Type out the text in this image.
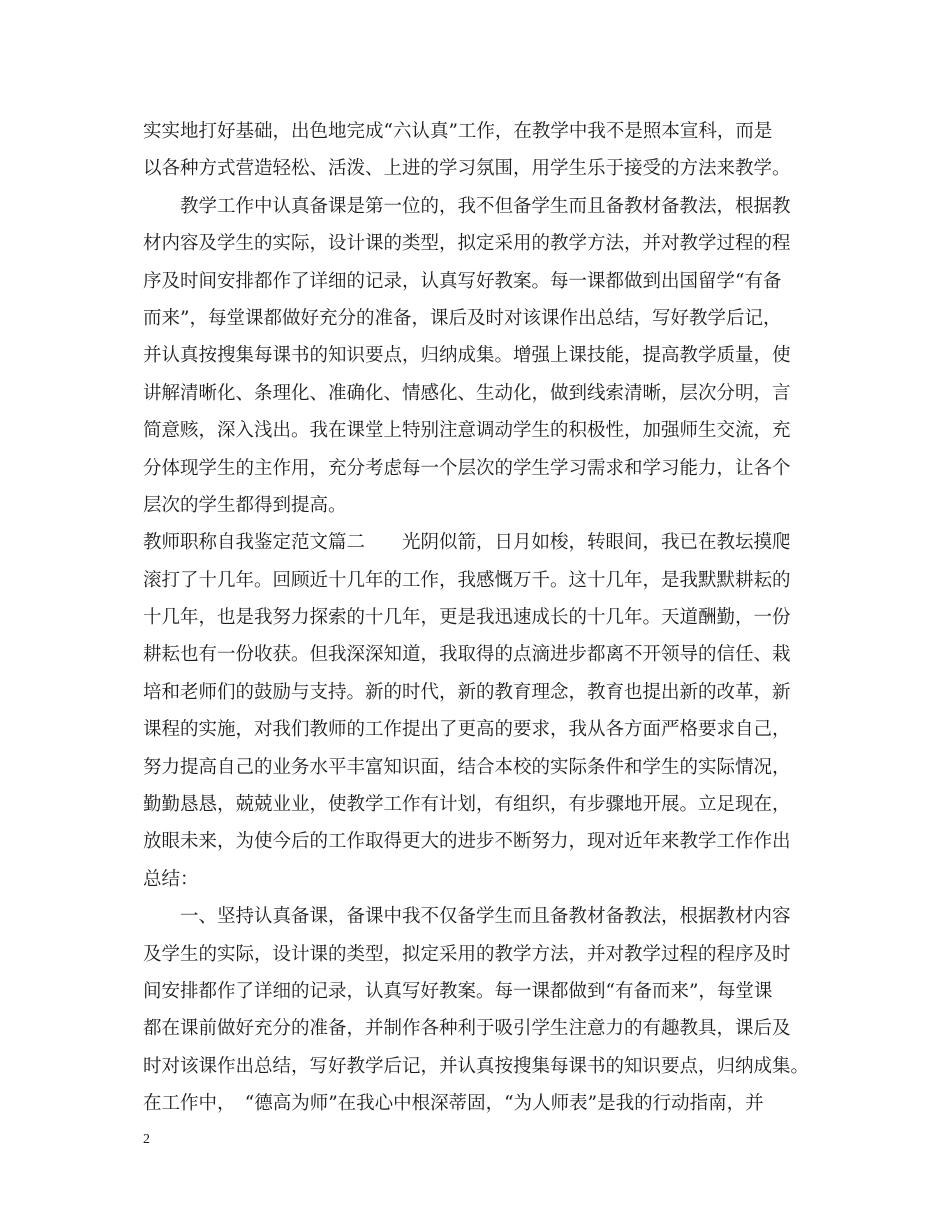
实实地打好基础，出色地完成“六认真”工作，在教学中我不是照本宣科，而是
以各种方式营造轻松、活泼、上进的学习氛围，用学生乐于接受的方法来教学。
　　教学工作中认真备课是第一位的，我不但备学生而且备教材备教法，根据教
材内容及学生的实际，设计课的类型，拟定采用的教学方法，并对教学过程的程
序及时间安排都作了详细的记录，认真写好教案。每一课都做到出国留学“有备
而来”，每堂课都做好充分的准备，课后及时对该课作出总结，写好教学后记，
并认真按搜集每课书的知识要点，归纳成集。增强上课技能，提高教学质量，使
讲解清晰化、条理化、准确化、情感化、生动化，做到线索清晰，层次分明，言
简意赅，深入浅出。我在课堂上特别注意调动学生的积极性，加强师生交流，充
分体现学生的主作用，充分考虑每一个层次的学生学习需求和学习能力，让各个
层次的学生都得到提高。
教师职称自我鉴定范文篇二　　光阴似箭，日月如梭，转眼间，我已在教坛摸爬
滚打了十几年。回顾近十几年的工作，我感慨万千。这十几年，是我默默耕耘的
十几年，也是我努力探索的十几年，更是我迅速成长的十几年。天道酬勤，一份
耕耘也有一份收获。但我深深知道，我取得的点滴进步都离不开领导的信任、栽
培和老师们的鼓励与支持。新的时代，新的教育理念，教育也提出新的改革，新
课程的实施，对我们教师的工作提出了更高的要求，我从各方面严格要求自己，
努力提高自己的业务水平丰富知识面，结合本校的实际条件和学生的实际情况，
勤勤恳恳，兢兢业业，使教学工作有计划，有组织，有步骤地开展。立足现在，
放眼未来，为使今后的工作取得更大的进步不断努力，现对近年来教学工作作出
总结：
　　一、坚持认真备课，备课中我不仅备学生而且备教材备教法，根据教材内容
及学生的实际，设计课的类型，拟定采用的教学方法，并对教学过程的程序及时
间安排都作了详细的记录，认真写好教案。每一课都做到“有备而来”，每堂课
都在课前做好充分的准备，并制作各种利于吸引学生注意力的有趣教具，课后及
时对该课作出总结，写好教学后记，并认真按搜集每课书的知识要点，归纳成集。
在工作中，　“德高为师”在我心中根深蒂固，“为人师表”是我的行动指南，并
2
